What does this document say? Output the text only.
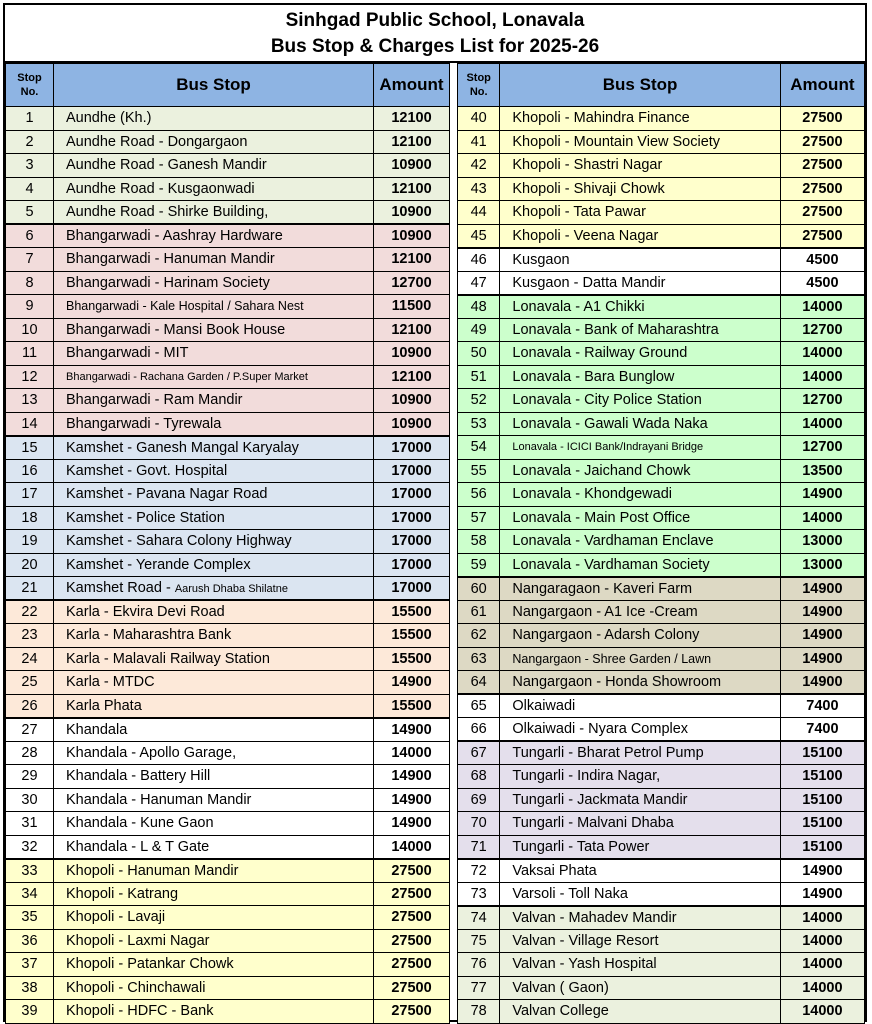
Sinhgad Public School, Lonavala
Bus Stop & Charges List for 2025-26
Stop
No.	Bus Stop	Amount
1	Aundhe (Kh.)	12100
2	Aundhe Road - Dongargaon	12100
3	Aundhe Road - Ganesh Mandir	10900
4	Aundhe Road - Kusgaonwadi	12100
5	Aundhe Road - Shirke Building,	10900
6	Bhangarwadi - Aashray Hardware	10900
7	Bhangarwadi - Hanuman Mandir	12100
8	Bhangarwadi - Harinam Society	12700
9	Bhangarwadi - Kale Hospital / Sahara Nest	11500
10	Bhangarwadi - Mansi Book House	12100
11	Bhangarwadi - MIT	10900
12	Bhangarwadi - Rachana Garden / P.Super Market	12100
13	Bhangarwadi - Ram Mandir	10900
14	Bhangarwadi - Tyrewala	10900
15	Kamshet - Ganesh Mangal Karyalay	17000
16	Kamshet - Govt. Hospital	17000
17	Kamshet - Pavana Nagar Road	17000
18	Kamshet - Police Station	17000
19	Kamshet - Sahara Colony Highway	17000
20	Kamshet - Yerande Complex	17000
21	Kamshet Road - Aarush Dhaba Shilatne	17000
22	Karla - Ekvira Devi Road	15500
23	Karla - Maharashtra Bank	15500
24	Karla - Malavali Railway Station	15500
25	Karla - MTDC	14900
26	Karla Phata	15500
27	Khandala	14900
28	Khandala - Apollo Garage,	14000
29	Khandala - Battery Hill	14900
30	Khandala - Hanuman Mandir	14900
31	Khandala - Kune Gaon	14900
32	Khandala - L & T Gate	14000
33	Khopoli - Hanuman Mandir	27500
34	Khopoli - Katrang	27500
35	Khopoli - Lavaji	27500
36	Khopoli - Laxmi Nagar	27500
37	Khopoli - Patankar Chowk	27500
38	Khopoli - Chinchawali	27500
39	Khopoli - HDFC - Bank	27500
Stop
No.	Bus Stop	Amount
40	Khopoli - Mahindra Finance	27500
41	Khopoli - Mountain View Society	27500
42	Khopoli - Shastri Nagar	27500
43	Khopoli - Shivaji Chowk	27500
44	Khopoli - Tata Pawar	27500
45	Khopoli - Veena Nagar	27500
46	Kusgaon	4500
47	Kusgaon - Datta Mandir	4500
48	Lonavala - A1 Chikki	14000
49	Lonavala - Bank of Maharashtra	12700
50	Lonavala - Railway Ground	14000
51	Lonavala - Bara Bunglow	14000
52	Lonavala - City Police Station	12700
53	Lonavala - Gawali Wada Naka	14000
54	Lonavala - ICICI Bank/Indrayani Bridge	12700
55	Lonavala - Jaichand Chowk	13500
56	Lonavala - Khondgewadi	14900
57	Lonavala - Main Post Office	14000
58	Lonavala - Vardhaman Enclave	13000
59	Lonavala - Vardhaman Society	13000
60	Nangaragaon - Kaveri Farm	14900
61	Nangargaon - A1 Ice -Cream	14900
62	Nangargaon - Adarsh Colony	14900
63	Nangargaon - Shree Garden / Lawn	14900
64	Nangargaon - Honda Showroom	14900
65	Olkaiwadi	7400
66	Olkaiwadi - Nyara Complex	7400
67	Tungarli - Bharat Petrol Pump	15100
68	Tungarli - Indira Nagar,	15100
69	Tungarli - Jackmata Mandir	15100
70	Tungarli - Malvani Dhaba	15100
71	Tungarli - Tata Power	15100
72	Vaksai Phata	14900
73	Varsoli - Toll Naka	14900
74	Valvan - Mahadev Mandir	14000
75	Valvan - Village Resort	14000
76	Valvan - Yash Hospital	14000
77	Valvan ( Gaon)	14000
78	Valvan College	14000
